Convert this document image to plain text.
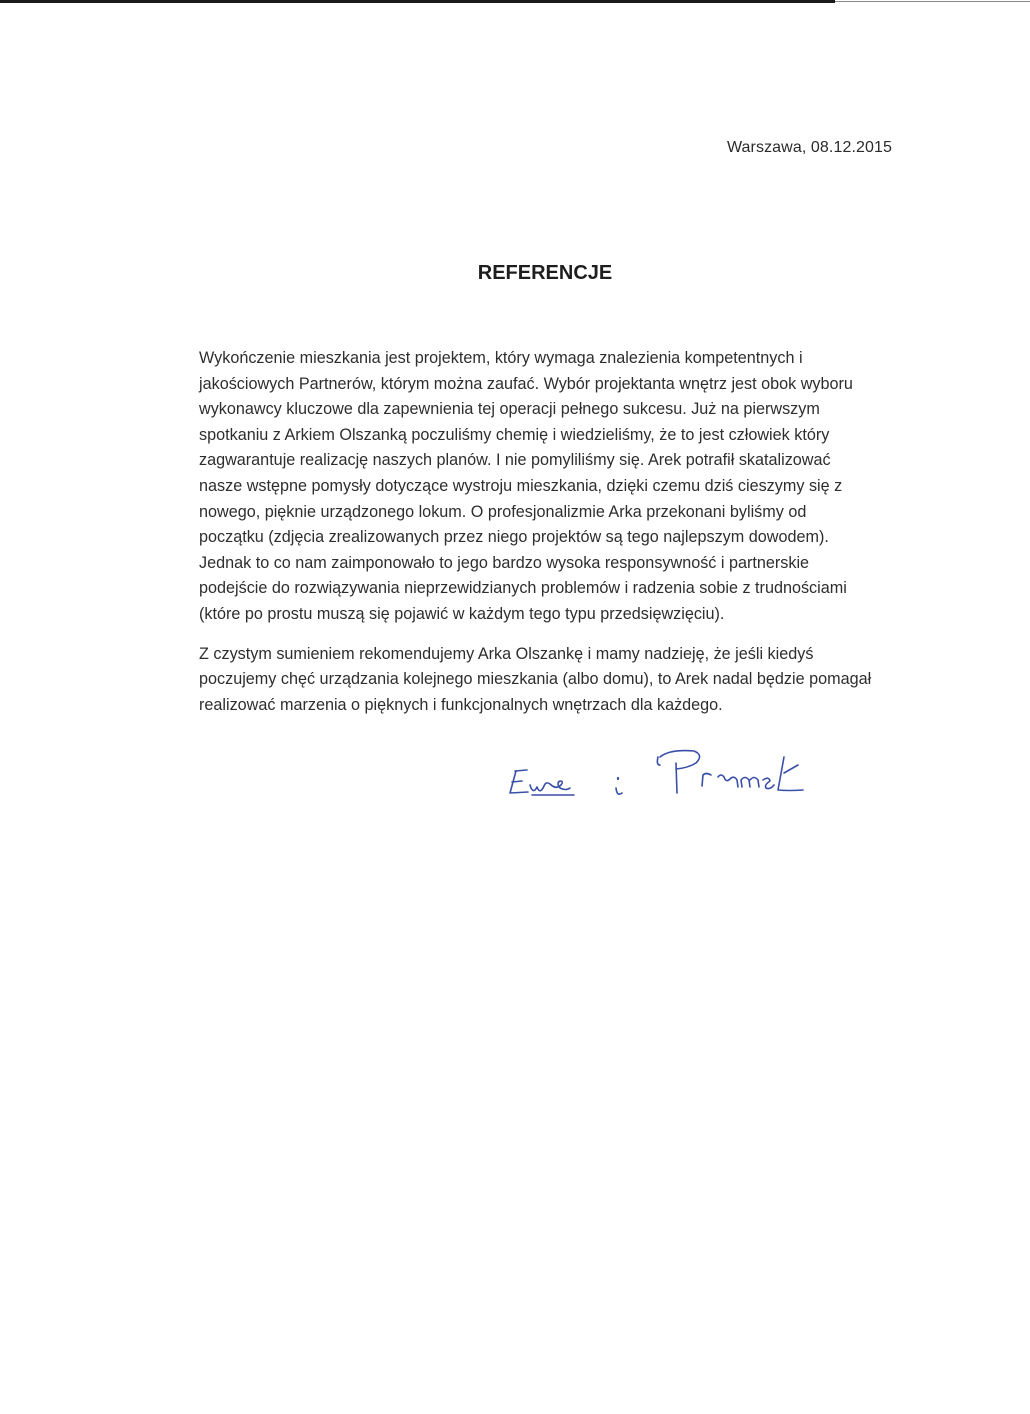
Warszawa, 08.12.2015
REFERENCJE

Wykończenie mieszkania jest projektem, który wymaga znalezienia kompetentnych i
jakościowych Partnerów, którym można zaufać. Wybór projektanta wnętrz jest obok wyboru
wykonawcy kluczowe dla zapewnienia tej operacji pełnego sukcesu. Już na pierwszym
spotkaniu z Arkiem Olszanką poczuliśmy chemię i wiedzieliśmy, że to jest człowiek który
zagwarantuje realizację naszych planów. I nie pomyliliśmy się. Arek potrafił skatalizować
nasze wstępne pomysły dotyczące wystroju mieszkania, dzięki czemu dziś cieszymy się z
nowego, pięknie urządzonego lokum. O profesjonalizmie Arka przekonani byliśmy od
początku (zdjęcia zrealizowanych przez niego projektów są tego najlepszym dowodem).
Jednak to co nam zaimponowało to jego bardzo wysoka responsywność i partnerskie
podejście do rozwiązywania nieprzewidzianych problemów i radzenia sobie z trudnościami
(które po prostu muszą się pojawić w każdym tego typu przedsięwzięciu).

Z czystym sumieniem rekomendujemy Arka Olszankę i mamy nadzieję, że jeśli kiedyś
poczujemy chęć urządzania kolejnego mieszkania (albo domu), to Arek nadal będzie pomagał
realizować marzenia o pięknych i funkcjonalnych wnętrzach dla każdego.
